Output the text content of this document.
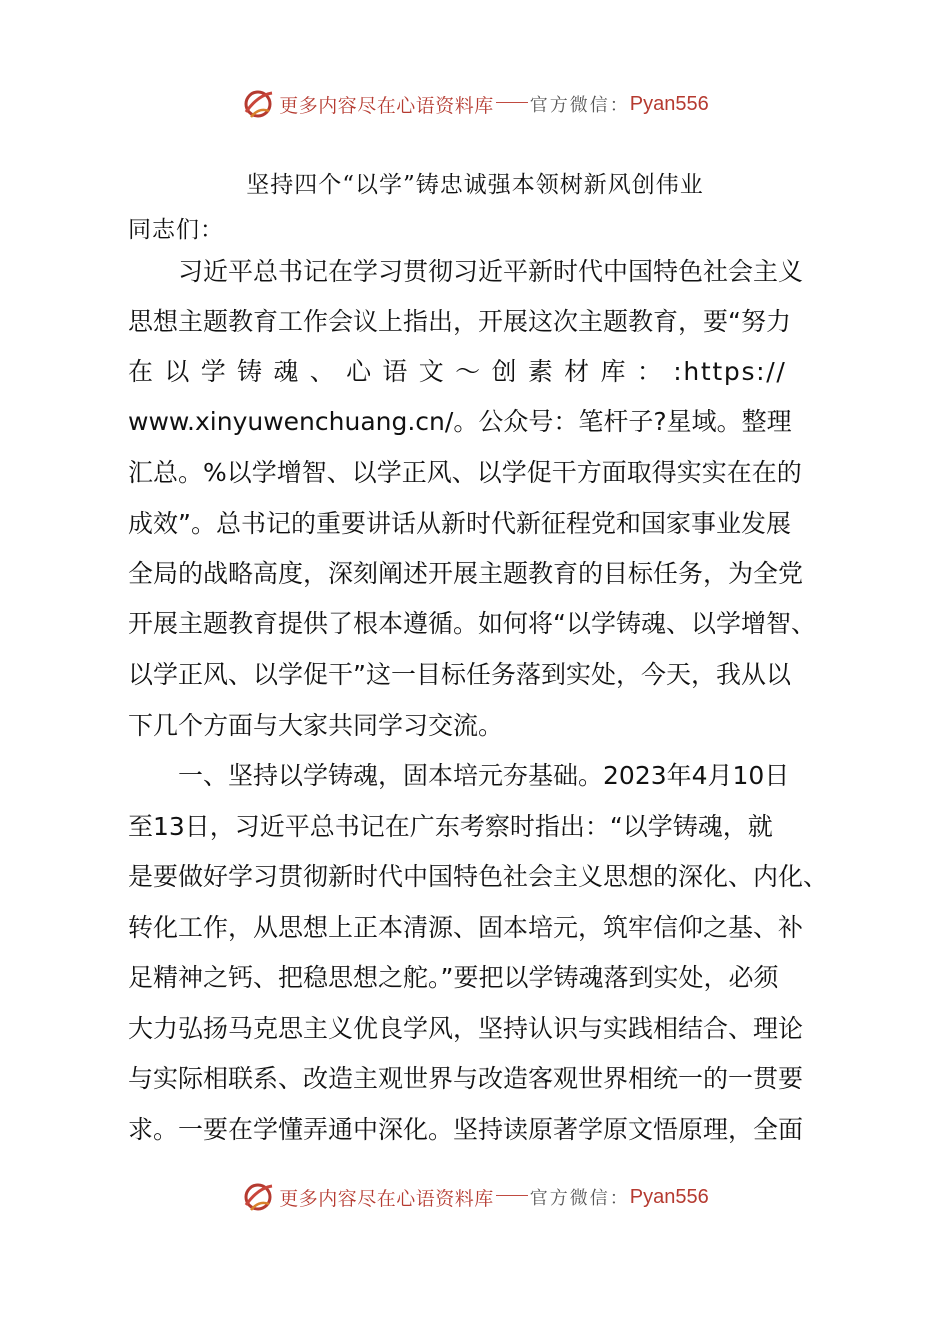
更多内容尽在心语资料库 官方微信： Pyan556
坚持四个“以学”铸忠诚强本领树新风创伟业
同志们：
习近平总书记在学习贯彻习近平新时代中国特色社会主义
思想主题教育工作会议上指出，开展这次主题教育，要“努力
在 以 学 铸 魂 、 心 语 文 ～ 创 素 材 库 ： :https://
www.xinyuwenchuang.cn/。公众号：笔杆子?星域。整理
汇总。%以学增智、以学正风、以学促干方面取得实实在在的
成效”。总书记的重要讲话从新时代新征程党和国家事业发展
全局的战略高度，深刻阐述开展主题教育的目标任务，为全党
开展主题教育提供了根本遵循。如何将“以学铸魂、以学增智、
以学正风、以学促干”这一目标任务落到实处，今天，我从以
下几个方面与大家共同学习交流。
一、坚持以学铸魂，固本培元夯基础。2023年4月10日
至13日，习近平总书记在广东考察时指出：“以学铸魂，就
是要做好学习贯彻新时代中国特色社会主义思想的深化、内化、
转化工作，从思想上正本清源、固本培元，筑牢信仰之基、补
足精神之钙、把稳思想之舵。”要把以学铸魂落到实处，必须
大力弘扬马克思主义优良学风，坚持认识与实践相结合、理论
与实际相联系、改造主观世界与改造客观世界相统一的一贯要
求。一要在学懂弄通中深化。坚持读原著学原文悟原理，全面
更多内容尽在心语资料库 官方微信： Pyan556
